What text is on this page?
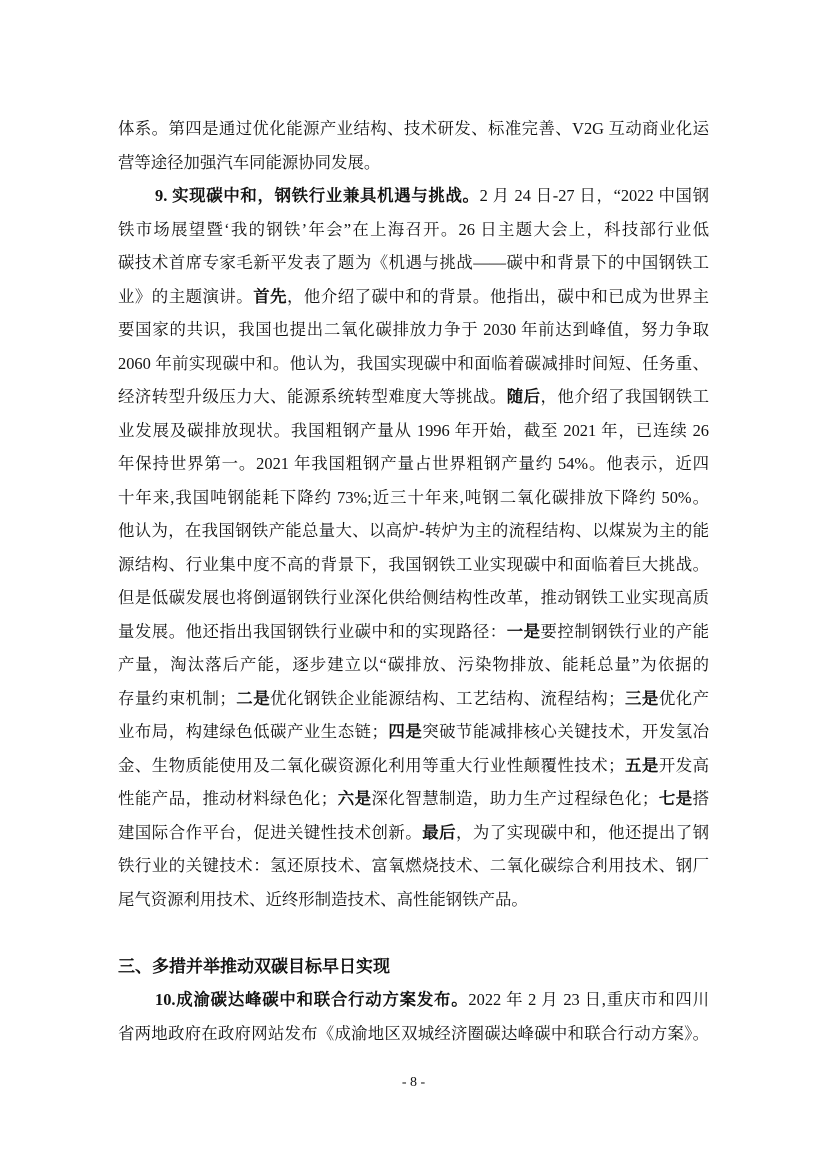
体系。第四是通过优化能源产业结构、技术研发、标准完善、V2G 互动商业化运
营等途径加强汽车同能源协同发展。
9. 实现碳中和，钢铁行业兼具机遇与挑战。2 月 24 日-27 日，“2022 中国钢
铁市场展望暨‘我的钢铁’年会”在上海召开。26 日主题大会上，科技部行业低
碳技术首席专家毛新平发表了题为《机遇与挑战——碳中和背景下的中国钢铁工
业》的主题演讲。首先，他介绍了碳中和的背景。他指出，碳中和已成为世界主
要国家的共识，我国也提出二氧化碳排放力争于 2030 年前达到峰值，努力争取
2060 年前实现碳中和。他认为，我国实现碳中和面临着碳减排时间短、任务重、
经济转型升级压力大、能源系统转型难度大等挑战。随后，他介绍了我国钢铁工
业发展及碳排放现状。我国粗钢产量从 1996 年开始，截至 2021 年，已连续 26
年保持世界第一。2021 年我国粗钢产量占世界粗钢产量约 54%。他表示，近四
十年来,我国吨钢能耗下降约 73%;近三十年来,吨钢二氧化碳排放下降约 50%。
他认为，在我国钢铁产能总量大、以高炉-转炉为主的流程结构、以煤炭为主的能
源结构、行业集中度不高的背景下，我国钢铁工业实现碳中和面临着巨大挑战。
但是低碳发展也将倒逼钢铁行业深化供给侧结构性改革，推动钢铁工业实现高质
量发展。他还指出我国钢铁行业碳中和的实现路径：一是要控制钢铁行业的产能
产量，淘汰落后产能，逐步建立以“碳排放、污染物排放、能耗总量”为依据的
存量约束机制；二是优化钢铁企业能源结构、工艺结构、流程结构；三是优化产
业布局，构建绿色低碳产业生态链；四是突破节能减排核心关键技术，开发氢冶
金、生物质能使用及二氧化碳资源化利用等重大行业性颠覆性技术；五是开发高
性能产品，推动材料绿色化；六是深化智慧制造，助力生产过程绿色化；七是搭
建国际合作平台，促进关键性技术创新。最后，为了实现碳中和，他还提出了钢
铁行业的关键技术：氢还原技术、富氧燃烧技术、二氧化碳综合利用技术、钢厂
尾气资源利用技术、近终形制造技术、高性能钢铁产品。
三、多措并举推动双碳目标早日实现
10.成渝碳达峰碳中和联合行动方案发布。2022 年 2 月 23 日,重庆市和四川
省两地政府在政府网站发布《成渝地区双城经济圈碳达峰碳中和联合行动方案》。
- 8 -
